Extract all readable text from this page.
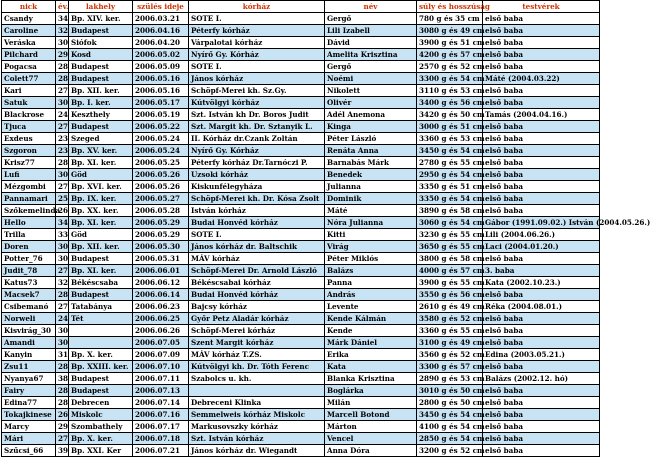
nick	év.	lakhely	szülés ideje	kórház	név	súly és hosszúság	testvérek
Csandy	34	Bp. XIV. ker.	2006.03.21	SOTE I.	Gergő	780 g és 35 cm	első baba
Caroline	32	Budapest	2006.04.16	Péterfy kórház	Lili Izabell	3080 g és 49 cm	első baba
Veráska	30	Siófok	2006.04.20	Várpalotai kórház	Dávid	3900 g és 51 cm	első baba
Pilchard	29	Kosd	2006.05.02	Nyírő Gy. Kórház	Amelita Krisztina	4200 g és 57 cm	első baba
Pogacsa	28	Budapest	2006.05.09	SOTE I.	Gergő	2570 g és 52 cm	első baba
Colett77	28	Budapest	2006.05.16	János kórház	Noémi	3300 g és 54 cm	Máté (2004.03.22)
Kari	27	Bp. XII. ker.	2006.05.16	Schöpf-Merei kh. Sz.Gy.	Nikolett	3110 g és 53 cm	első baba
Satuk	30	Bp. I. ker.	2006.05.17	Kútvölgyi kórház	Olivér	3400 g és 56 cm	első baba
Blackrose	24	Keszthely	2006.05.19	Szt. István kh Dr. Boros Judit	Adél Anemona	3420 g és 50 cm	Tamás (2004.04.16.)
Tjuca	27	Budapest	2006.05.22	Szt. Margit kh. Dr. Sztanyik L.	Kinga	3000 g és 51 cm	első baba
Exdeus	23	Szeged	2006.05.24	II. Kórház dr.Czank Zoltán	Péter László	3360 g és 53 cm	első baba
Szgoron	23	Bp. XV. ker.	2006.05.24	Nyírő Gy. Kórház	Renáta Anna	3450 g és 54 cm	első baba
Krisz77	28	Bp. XI. ker.	2006.05.25	Péterfy kórház Dr.Tarnóczi P.	Barnabás Márk	2780 g és 55 cm	első baba
Lufi	30	Göd	2006.05.26	Uzsoki kórház	Benedek	2950 g és 54 cm	első baba
Mézgombi	27	Bp. XVI. ker.	2006.05.26	Kiskunfélegyháza	Julianna	3350 g és 51 cm	első baba
Pannamari	25	Bp. IX. ker.	2006.05.27	Schöpf-Merei kh. Dr. Kósa Zsolt	Dominik	3350 g és 54 cm	első baba
Szőkemelinda	26	Bp. XX. ker.	2006.05.28	István kórház	Máté	3890 g és 58 cm	első baba
Hello	34	Bp. XI. ker.	2006.05.29	Budai Honvéd kórház	Nóra Julianna	3060 g és 54 cm	Gábor (1991.09.02.) István (2004.05.26.)
Trilla	33	Göd	2006.05.29	SOTE I.	Kitti	3230 g és 55 cm	Lili (2004.06.26.)
Doren	30	Bp. XII. ker.	2006.05.30	János kórház dr. Baltschik	Virág	3650 g és 55 cm	Laci (2004.01.20.)
Potter_76	30	Budapest	2006.05.31	MÁV kórház	Péter Miklós	3800 g és 58 cm	első baba
Judit_78	27	Bp. XI. ker.	2006.06.01	Schöpf-Merei Dr. Arnold László	Balázs	4000 g és 57 cm	3. baba
Katus73	32	Békéscsaba	2006.06.12	Békéscsabai kórház	Panna	3900 g és 55 cm	Kata (2002.10.23.)
Macsek7	28	Budapest	2006.06.14	Budai Honvéd kórház	András	3550 g és 56 cm	első baba
Csibemanó	27	Tatabánya	2006.06.23	Bajcsy kórház	Levente	2610 g és 49 cm	Réka (2004.08.01.)
Norweli	24	Tét	2006.06.25	Győr Petz Aladár kórház	Kende Kálmán	3580 g és 52 cm	első baba
Kisvirág_30	30		2006.06.26	Schöpf-Merei kórház	Kende	3360 g és 55 cm	első baba
Amandi	30		2006.07.05	Szent Margit kórház	Márk Dániel	3100 g és 49 cm	első baba
Kanyin	31	Bp. X. ker.	2006.07.09	MÁV kórház T.ZS.	Erika	3560 g és 52 cm	Edina (2003.05.21.)
Zsu11	28	Bp. XXIII. ker.	2006.07.10	Kútvölgyi kh. Dr. Tóth Ferenc	Kata	3300 g és 57 cm	első baba
Nyanya67	38	Budapest	2006.07.11	Szabolcs u. kh.	Blanka Krisztina	2890 g és 53 cm	Balázs (2002.12. hó)
Fairy	28	Budapest	2006.07.13		Boglárka	3010 g és 50 cm	első baba
Edina77	28	Debrecen	2006.07.14	Debreceni Klinka	Milán	2800 g és 50 cm	első baba
Tokajkinese	26	Miskolc	2006.07.16	Semmelweis kórház Miskolc	Marcell Botond	3450 g és 54 cm	első baba
Marcy	29	Szombathely	2006.07.17	Markusovszky kórház	Márton	4100 g és 54 cm	első baba
Mári	27	Bp. X. ker.	2006.07.18	Szt. István kórház	Vencel	2850 g és 54 cm	első baba
Szűcsi_66	39	Bp. XXI. Ker	2006.07.21	János kórház dr. Wiegandt	Anna Dóra	3200 g és 52 cm	első baba
